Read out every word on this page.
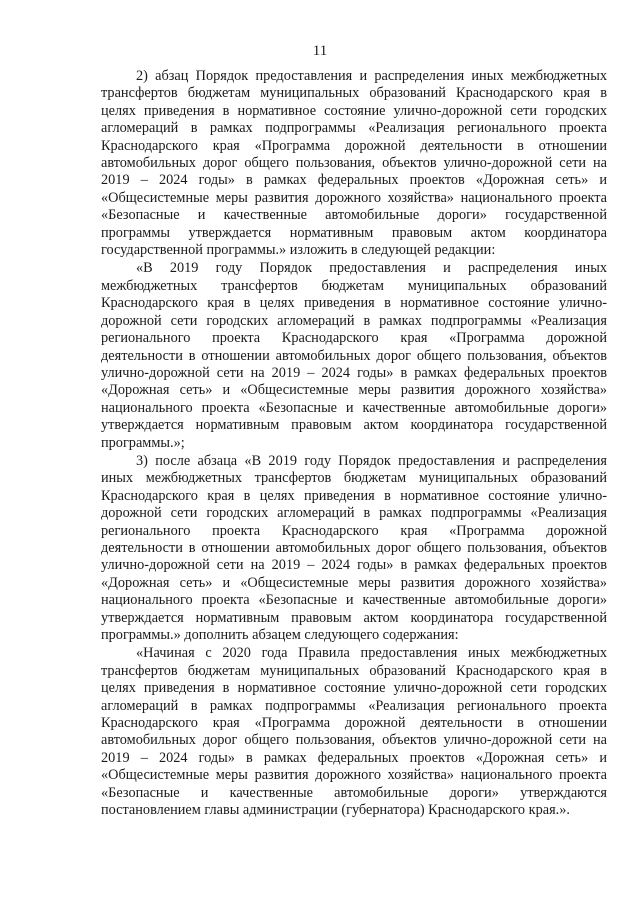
11

2) абзац Порядок предоставления и распределения иных межбюджетных
трансфертов бюджетам муниципальных образований Краснодарского края в
целях приведения в нормативное состояние улично-дорожной сети городских
агломераций в рамках подпрограммы «Реализация регионального проекта
Краснодарского края «Программа дорожной деятельности в отношении
автомобильных дорог общего пользования, объектов улично-дорожной сети на
2019 – 2024 годы» в рамках федеральных проектов «Дорожная сеть» и
«Общесистемные меры развития дорожного хозяйства» национального проекта
«Безопасные и качественные автомобильные дороги» государственной
программы утверждается нормативным правовым актом координатора
государственной программы.» изложить в следующей редакции:

«В 2019 году Порядок предоставления и распределения иных
межбюджетных трансфертов бюджетам муниципальных образований
Краснодарского края в целях приведения в нормативное состояние улично-
дорожной сети городских агломераций в рамках подпрограммы «Реализация
регионального проекта Краснодарского края «Программа дорожной
деятельности в отношении автомобильных дорог общего пользования, объектов
улично-дорожной сети на 2019 – 2024 годы» в рамках федеральных проектов
«Дорожная сеть» и «Общесистемные меры развития дорожного хозяйства»
национального проекта «Безопасные и качественные автомобильные дороги»
утверждается нормативным правовым актом координатора государственной
программы.»;

3) после абзаца «В 2019 году Порядок предоставления и распределения
иных межбюджетных трансфертов бюджетам муниципальных образований
Краснодарского края в целях приведения в нормативное состояние улично-
дорожной сети городских агломераций в рамках подпрограммы «Реализация
регионального проекта Краснодарского края «Программа дорожной
деятельности в отношении автомобильных дорог общего пользования, объектов
улично-дорожной сети на 2019 – 2024 годы» в рамках федеральных проектов
«Дорожная сеть» и «Общесистемные меры развития дорожного хозяйства»
национального проекта «Безопасные и качественные автомобильные дороги»
утверждается нормативным правовым актом координатора государственной
программы.» дополнить абзацем следующего содержания:

«Начиная с 2020 года Правила предоставления иных межбюджетных
трансфертов бюджетам муниципальных образований Краснодарского края в
целях приведения в нормативное состояние улично-дорожной сети городских
агломераций в рамках подпрограммы «Реализация регионального проекта
Краснодарского края «Программа дорожной деятельности в отношении
автомобильных дорог общего пользования, объектов улично-дорожной сети на
2019 – 2024 годы» в рамках федеральных проектов «Дорожная сеть» и
«Общесистемные меры развития дорожного хозяйства» национального проекта
«Безопасные и качественные автомобильные дороги» утверждаются
постановлением главы администрации (губернатора) Краснодарского края.».
